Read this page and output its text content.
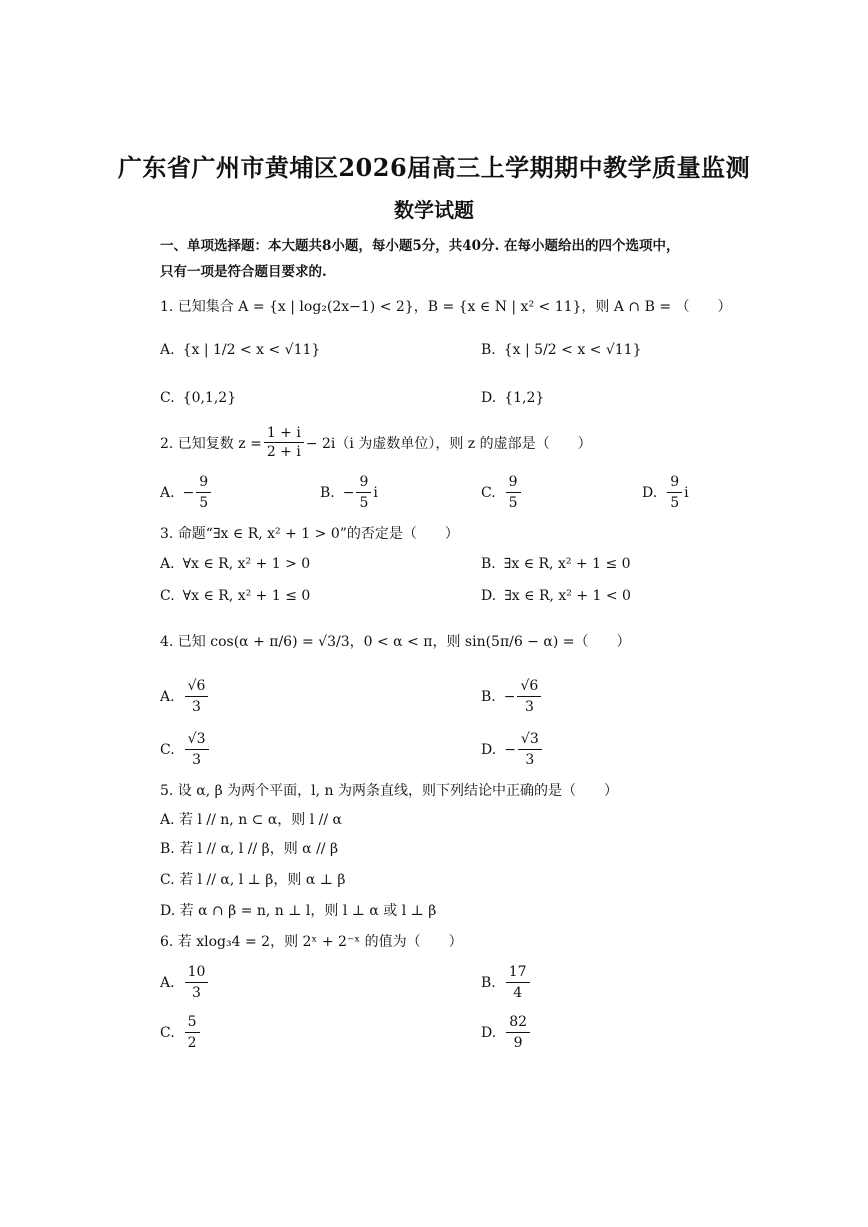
广东省广州市黄埔区2026届高三上学期期中教学质量监测
数学试题
一、单项选择题：本大题共8小题，每小题5分，共40分. 在每小题给出的四个选项中，
只有一项是符合题目要求的.
1. 已知集合 A = {x | log₂(2x−1) < 2}，B = {x ∈ N | x² < 11}，则 A ∩ B = （　　）
A. {x | 1/2 < x < √11}	B. {x | 5/2 < x < √11}
C. {0,1,2}	D. {1,2}
2. 已知复数 $z = \frac{1 + i}{2 + i} - 2i(i$ 为虚数单位），则 z 的虚部是（　　）
A. − $\frac{9}{5}$	B. − $\frac{9}{5}$ i	C. $\frac{9}{5}$	D. $\frac{9}{5}$ i
3. 命题“∃x ∈ R, x² + 1 > 0”的否定是（　　）
A. ∀x ∈ R, x² + 1 > 0	B. ∃x ∈ R, x² + 1 ≤ 0
C. ∀x ∈ R, x² + 1 ≤ 0	D. ∃x ∈ R, x² + 1 < 0
4. 已知 cos(α + π/6) = √3/3，0 < α < π，则 sin(5π/6 − α) =（　　）
A. $\frac{√6}{3}$	B. − $\frac{√6}{3}$
C. $\frac{√3}{3}$	D. − $\frac{√3}{3}$
5. 设 α, β 为两个平面，l, n 为两条直线，则下列结论中正确的是（　　）
A. 若 l // n, n ⊂ α，则 l // α
B. 若 l // α, l // β，则 α // β
C. 若 l // α, l ⊥ β，则 α ⊥ β
D. 若 α ∩ β = n, n ⊥ l，则 l ⊥ α 或 l ⊥ β
6. 若 xlog₃4 = 2，则 2ˣ + 2⁻ˣ 的值为（　　）
A. $\frac{10}{3}$	B. $\frac{17}{4}$
C. $\frac{5}{2}$	D. $\frac{82}{9}$
